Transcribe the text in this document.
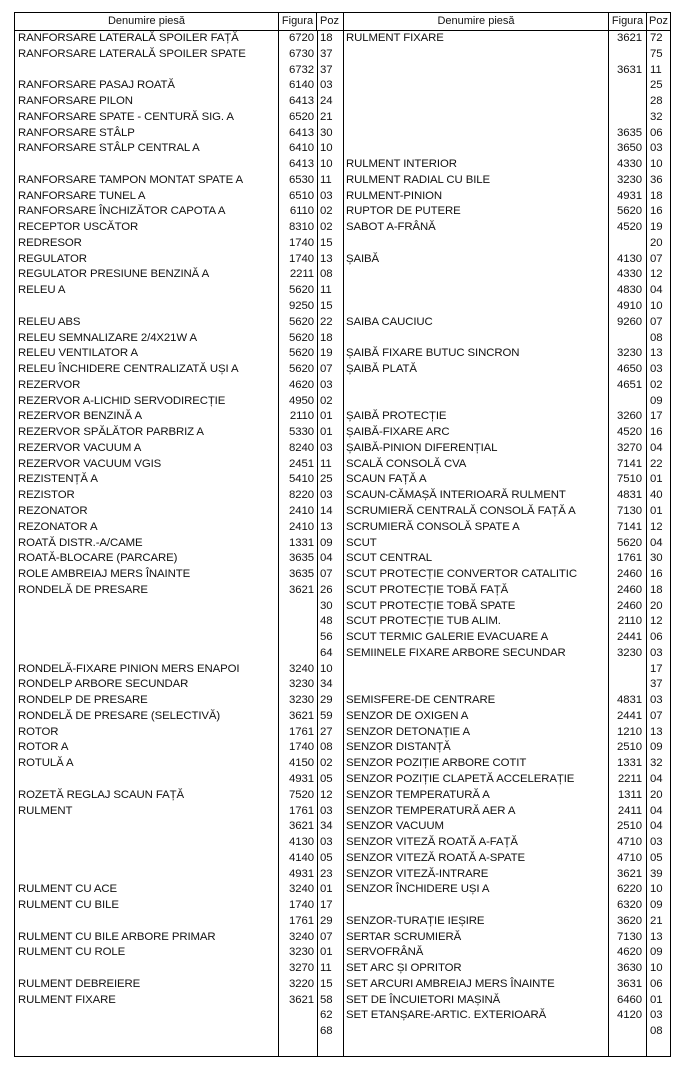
Denumire piesă	Figura Poz
RANFORSARE LATERALĂ SPOILER FAȚĂ	6720 18
RANFORSARE LATERALĂ SPOILER SPATE	6730 37
6732 37
RANFORSARE PASAJ ROATĂ	6140 03
RANFORSARE PILON	6413 24
RANFORSARE SPATE - CENTURĂ SIG. A	6520 21
RANFORSARE STÂLP	6413 30
RANFORSARE STÂLP CENTRAL A	6410 10
6413 10
RANFORSARE TAMPON MONTAT SPATE A	6530 11
RANFORSARE TUNEL A	6510 03
RANFORSARE ÎNCHIZĂTOR CAPOTA A	6110 02
RECEPTOR USCĂTOR	8310 02
REDRESOR	1740 15
REGULATOR	1740 13
REGULATOR PRESIUNE BENZINĂ A	2211 08
RELEU A	5620 11
9250 15
RELEU ABS	5620 22
RELEU SEMNALIZARE 2/4X21W A	5620 18
RELEU VENTILATOR A	5620 19
RELEU ÎNCHIDERE CENTRALIZATĂ UȘI A	5620 07
REZERVOR	4620 03
REZERVOR A-LICHID SERVODIRECȚIE	4950 02
REZERVOR BENZINĂ A	2110 01
REZERVOR SPĂLĂTOR PARBRIZ A	5330 01
REZERVOR VACUUM A	8240 03
REZERVOR VACUUM VGIS	2451 11
REZISTENȚĂ A	5410 25
REZISTOR	8220 03
REZONATOR	2410 14
REZONATOR A	2410 13
ROATĂ DISTR.-A/CAME	1331 09
ROATĂ-BLOCARE (PARCARE)	3635 04
ROLE AMBREIAJ MERS ÎNAINTE	3635 07
RONDELĂ DE PRESARE	3621 26
30
48
56
64
RONDELĂ-FIXARE PINION MERS ENAPOI	3240 10
RONDELP ARBORE SECUNDAR	3230 34
RONDELP DE PRESARE	3230 29
RONDELĂ DE PRESARE (SELECTIVĂ)	3621 59
ROTOR	1761 27
ROTOR A	1740 08
ROTULĂ A	4150 02
4931 05
ROZETĂ REGLAJ SCAUN FAȚĂ	7520 12
RULMENT	1761 03
3621 34
4130 03
4140 05
4931 23
RULMENT CU ACE	3240 01
RULMENT CU BILE	1740 17
1761 29
RULMENT CU BILE ARBORE PRIMAR	3240 07
RULMENT CU ROLE	3230 01
3270 11
RULMENT DEBREIERE	3220 15
RULMENT FIXARE	3621 58
62
68
Denumire piesă	Figura Poz
RULMENT FIXARE	3621 72
75
3631 11
25
28
32
3635 06
3650 03
RULMENT INTERIOR	4330 10
RULMENT RADIAL CU BILE	3230 36
RULMENT-PINION	4931 18
RUPTOR DE PUTERE	5620 16
SABOT A-FRÂNĂ	4520 19
20
ȘAIBĂ	4130 07
4330 12
4830 04
4910 10
SAIBA CAUCIUC	9260 07
08
ȘAIBĂ FIXARE BUTUC SINCRON	3230 13
ȘAIBĂ PLATĂ	4650 03
4651 02
09
ȘAIBĂ PROTECȚIE	3260 17
ȘAIBĂ-FIXARE ARC	4520 16
ȘAIBĂ-PINION DIFERENȚIAL	3270 04
SCALĂ CONSOLĂ CVA	7141 22
SCAUN FAȚĂ A	7510 01
SCAUN-CĂMAȘĂ INTERIOARĂ RULMENT	4831 40
SCRUMIERĂ CENTRALĂ CONSOLĂ FAȚĂ A	7130 01
SCRUMIERĂ CONSOLĂ SPATE A	7141 12
SCUT	5620 04
SCUT CENTRAL	1761 30
SCUT PROTECȚIE CONVERTOR CATALITIC	2460 16
SCUT PROTECȚIE TOBĂ FAȚĂ	2460 18
SCUT PROTECȚIE TOBĂ SPATE	2460 20
SCUT PROTECȚIE TUB ALIM.	2110 12
SCUT TERMIC GALERIE EVACUARE A	2441 06
SEMIINELE FIXARE ARBORE SECUNDAR	3230 03
17
37
SEMISFERE-DE CENTRARE	4831 03
SENZOR DE OXIGEN A	2441 07
SENZOR DETONAȚIE A	1210 13
SENZOR DISTANȚĂ	2510 09
SENZOR POZIȚIE ARBORE COTIT	1331 32
SENZOR POZIȚIE CLAPETĂ ACCELERAȚIE	2211 04
SENZOR TEMPERATURĂ A	1311 20
SENZOR TEMPERATURĂ AER A	2411 04
SENZOR VACUUM	2510 04
SENZOR VITEZĂ ROATĂ A-FAȚĂ	4710 03
SENZOR VITEZĂ ROATĂ A-SPATE	4710 05
SENZOR VITEZĂ-INTRARE	3621 39
SENZOR ÎNCHIDERE UȘI A	6220 10
6320 09
SENZOR-TURAȚIE IEȘIRE	3620 21
SERTAR SCRUMIERĂ	7130 13
SERVOFRÂNĂ	4620 09
SET ARC ȘI OPRITOR	3630 10
SET ARCURI AMBREIAJ MERS ÎNAINTE	3631 06
SET DE ÎNCUIETORI MAȘINĂ	6460 01
SET ETANȘARE-ARTIC. EXTERIOARĂ	4120 03
08
